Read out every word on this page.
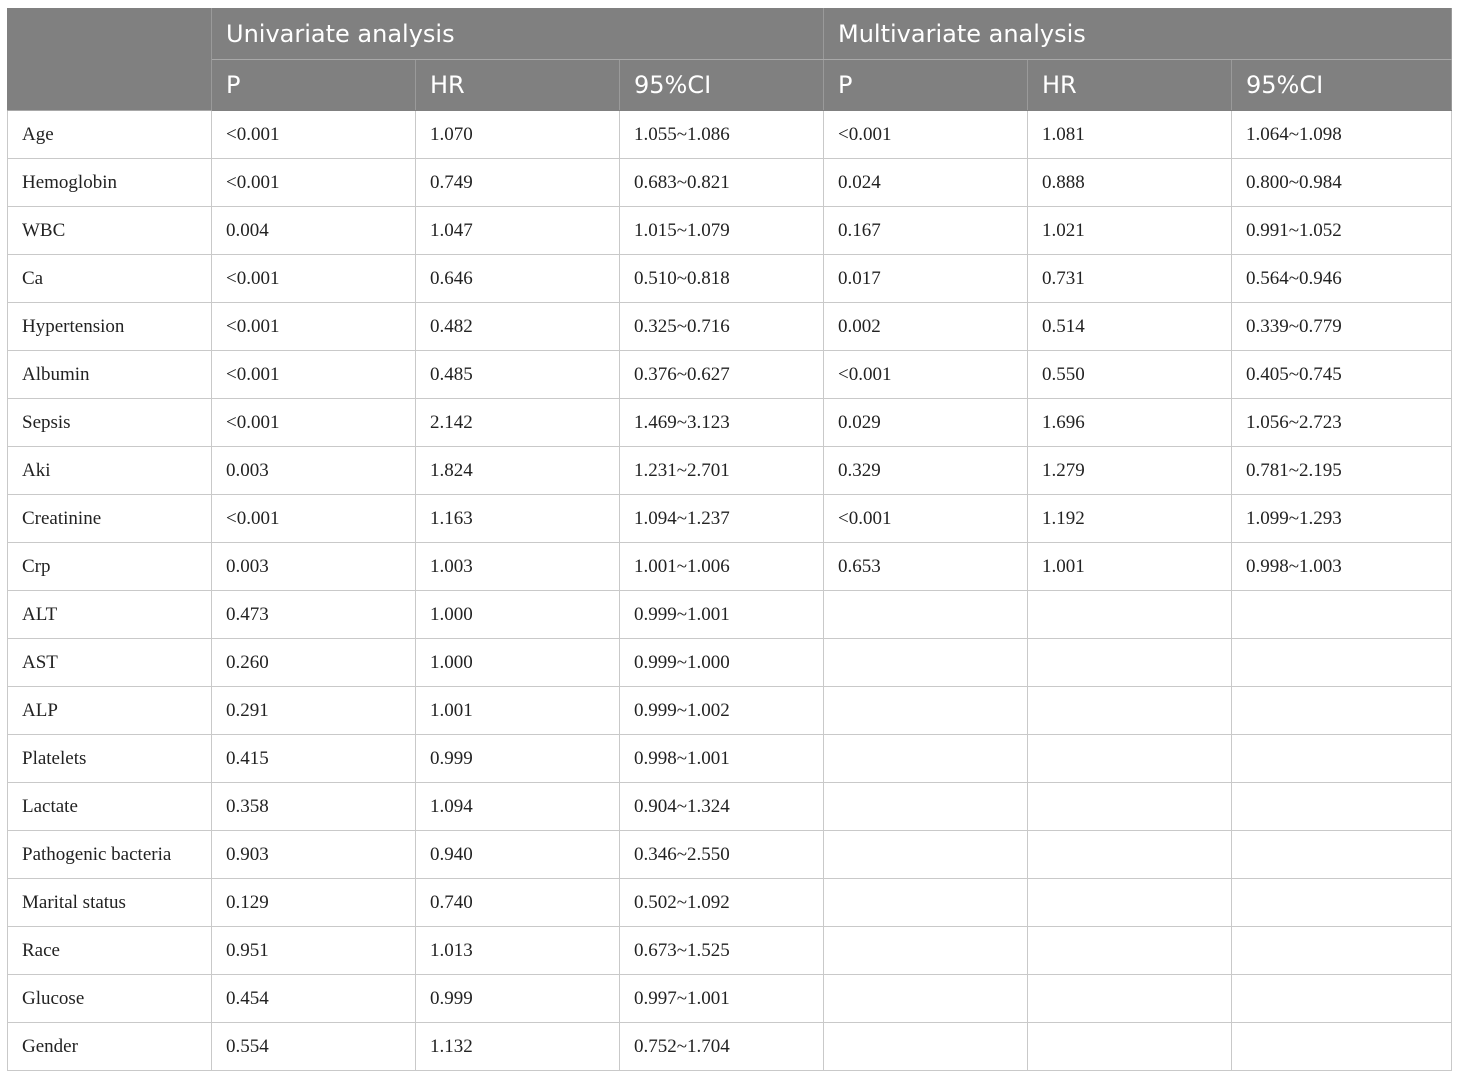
	Univariate analysis			Multivariate analysis		
	P	HR	95%CI	P	HR	95%CI
Age	<0.001	1.070	1.055~1.086	<0.001	1.081	1.064~1.098
Hemoglobin	<0.001	0.749	0.683~0.821	0.024	0.888	0.800~0.984
WBC	0.004	1.047	1.015~1.079	0.167	1.021	0.991~1.052
Ca	<0.001	0.646	0.510~0.818	0.017	0.731	0.564~0.946
Hypertension	<0.001	0.482	0.325~0.716	0.002	0.514	0.339~0.779
Albumin	<0.001	0.485	0.376~0.627	<0.001	0.550	0.405~0.745
Sepsis	<0.001	2.142	1.469~3.123	0.029	1.696	1.056~2.723
Aki	0.003	1.824	1.231~2.701	0.329	1.279	0.781~2.195
Creatinine	<0.001	1.163	1.094~1.237	<0.001	1.192	1.099~1.293
Crp	0.003	1.003	1.001~1.006	0.653	1.001	0.998~1.003
ALT	0.473	1.000	0.999~1.001			
AST	0.260	1.000	0.999~1.000			
ALP	0.291	1.001	0.999~1.002			
Platelets	0.415	0.999	0.998~1.001			
Lactate	0.358	1.094	0.904~1.324			
Pathogenic bacteria	0.903	0.940	0.346~2.550			
Marital status	0.129	0.740	0.502~1.092			
Race	0.951	1.013	0.673~1.525			
Glucose	0.454	0.999	0.997~1.001			
Gender	0.554	1.132	0.752~1.704			
